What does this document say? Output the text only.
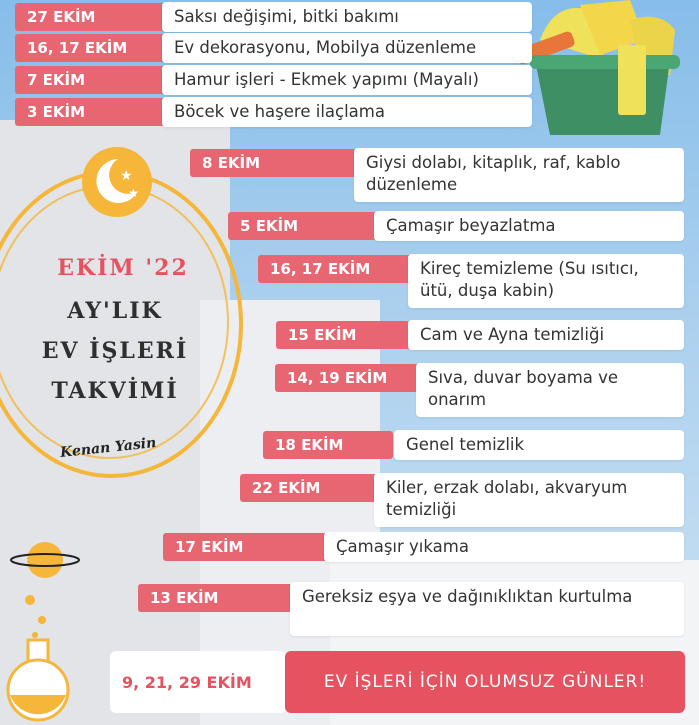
27 EKİM	Saksı değişimi, bitki bakımı
16, 17 EKİM	Ev dekorasyonu, Mobilya düzenleme
7 EKİM	Hamur işleri - Ekmek yapımı (Mayalı)
3 EKİM	Böcek ve haşere ilaçlama
8 EKİM	Giysi dolabı, kitaplık, raf, kablo düzenleme
5 EKİM	Çamaşır beyazlatma
16, 17 EKİM	Kireç temizleme (Su ısıtıcı, ütü, duşa kabin)
15 EKİM	Cam ve Ayna temizliği
14, 19 EKİM	Sıva, duvar boyama ve onarım
18 EKİM	Genel temizlik
22 EKİM	Kiler, erzak dolabı, akvaryum temizliği
17 EKİM	Çamaşır yıkama
13 EKİM	Gereksiz eşya ve dağınıklıktan kurtulma
★
★
★
EKİM '22
AY'LIK
EV İŞLERİ
TAKVİMİ
Kenan Yasin
9, 21, 29 EKİM	EV İŞLERİ İÇİN OLUMSUZ GÜNLER!
